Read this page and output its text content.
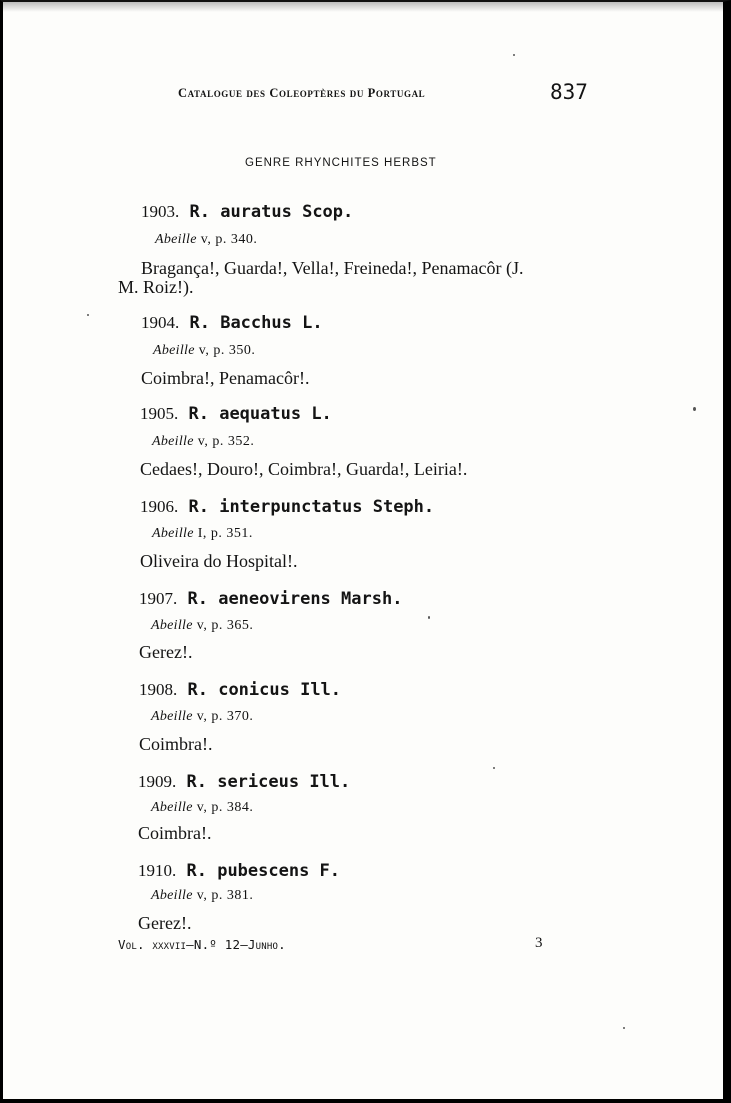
Catalogue des Coleoptères du Portugal	837
GENRE RHYNCHITES HERBST
1903. R. auratus Scop.
Abeille v, p. 340.
Bragança!, Guarda!, Vella!, Freineda!, Penamacôr (J.
M. Roiz!).
1904. R. Bacchus L.
Abeille v, p. 350.
Coimbra!, Penamacôr!.
1905. R. aequatus L.
Abeille v, p. 352.
Cedaes!, Douro!, Coimbra!, Guarda!, Leiria!.
1906. R. interpunctatus Steph.
Abeille I, p. 351.
Oliveira do Hospital!.
1907. R. aeneovirens Marsh.
Abeille v, p. 365.
Gerez!.
1908. R. conicus Ill.
Abeille v, p. 370.
Coimbra!.
1909. R. sericeus Ill.
Abeille v, p. 384.
Coimbra!.
1910. R. pubescens F.
Abeille v, p. 381.
Gerez!.
Vol. xxxvii—N.º 12—Junho.	3
